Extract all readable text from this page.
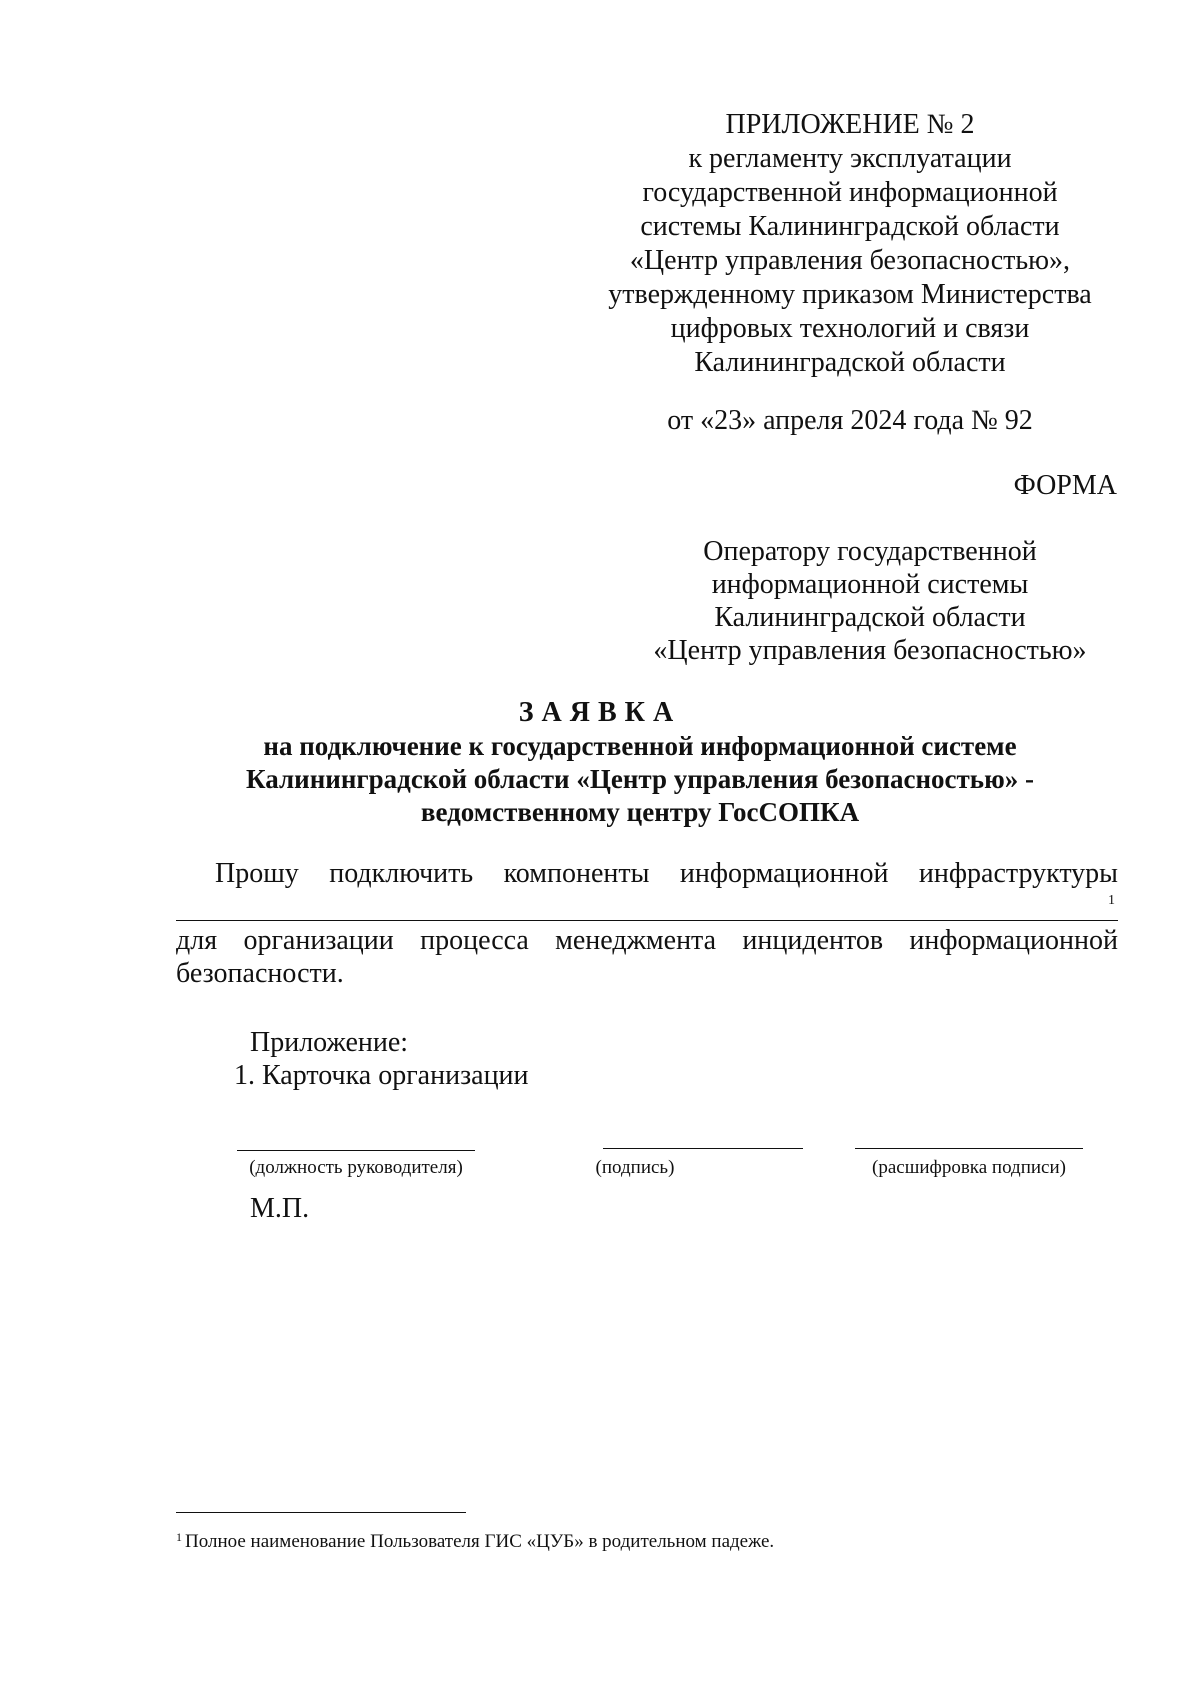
ПРИЛОЖЕНИЕ № 2
к регламенту эксплуатации
государственной информационной
системы Калининградской области
«Центр управления безопасностью»,
утвержденному приказом Министерства
цифровых технологий и связи
Калининградской области
от «23» апреля 2024 года № 92
ФОРМА
Оператору государственной
информационной системы
Калининградской области
«Центр управления безопасностью»
ЗАЯВКА
на подключение к государственной информационной системе
Калининградской области «Центр управления безопасностью» -
ведомственному центру ГосСОПКА
Прошу подключить компоненты информационной инфраструктуры
1
для организации процесса менеджмента инцидентов информационной
безопасности.
Приложение:
1. Карточка организации
(должность руководителя)	(подпись)	(расшифровка подписи)
М.П.
$^1$ Полное наименование Пользователя ГИС «ЦУБ» в родительном падеже.
